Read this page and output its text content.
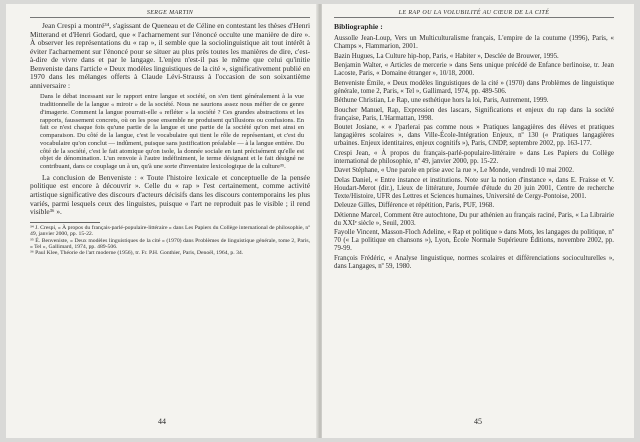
SERGE MARTIN

Jean Crespi a montré³⁴, s'agissant de Queneau et de Céline en contestant les thèses d'Henri Mitterand et d'Henri Godard, que « l'acharnement sur l'énoncé occulte une manière de dire ». À observer les représentations du « rap », il semble que la sociolinguistique ait tout intérêt à éviter l'acharnement sur l'énoncé pour se situer au plus près toutes les manières de dire, c'est-à-dire de vivre dans et par le langage. L'enjeu n'est-il pas le même que celui qu'initie Benveniste dans l'article « Deux modèles linguistiques de la cité », significativement publié en 1970 dans les mélanges offerts à Claude Lévi-Strauss à l'occasion de son soixantième anniversaire :

Dans le débat incessant sur le rapport entre langue et société, on s'en tient généralement à la vue traditionnelle de la langue « miroir » de la société. Nous ne saurions assez nous méfier de ce genre d'imagerie. Comment la langue pourrait-elle « refléter » la société ? Ces grandes abstractions et les rapports, faussement concrets, où on les pose ensemble ne produisent qu'illusions ou confusions. En fait ce n'est chaque fois qu'une partie de la langue et une partie de la société qu'on met ainsi en comparaison. Du côté de la langue, c'est le vocabulaire qui tient le rôle de représentant, et c'est du vocabulaire qu'on conclut — indûment, puisque sans justification préalable — à la langue entière. Du côté de la société, c'est le fait atomique qu'on isole, la donnée sociale en tant précisément qu'elle est objet de dénomination. L'un renvoie à l'autre indéfiniment, le terme désignant et le fait désigné ne contribuant, dans ce couplage un à un, qu'à une sorte d'inventaire lexicologique de la culture³⁵.

La conclusion de Benveniste : « Toute l'histoire lexicale et conceptuelle de la pensée politique est encore à découvrir ». Celle du « rap » l'est certainement, comme activité artistique significative des discours d'acteurs décisifs dans les discours contemporains les plus variés, parmi lesquels ceux des linguistes, puisque « l'art ne reproduit pas le visible ; il rend visible³⁶ ».

³⁴ J. Crespi, « À propos du français-parlé-populaire-littéraire » dans Les Papiers du Collège international de philosophie, nº 49, janvier 2000, pp. 15-22.

³⁵ É. Benveniste, « Deux modèles linguistiques de la cité » (1970) dans Problèmes de linguistique générale, tome 2, Paris, « Tel », Gallimard, 1974, pp. 489-506.

³⁶ Paul Klee, Théorie de l'art moderne (1956), tr. Fr. P.H. Gonthier, Paris, Denoël, 1964, p. 34.

44
LE RAP OU LA VOLUBILITÉ AU CŒUR DE LA CITÉ
Bibliographie :

Aussolle Jean-Loup, Vers un Multiculturalisme français, L'empire de la coutume (1996), Paris, « Champs », Flammarion, 2001.

Bazin Hugues, La Culture hip-hop, Paris, « Habiter », Desclée de Brouwer, 1995.

Benjamin Walter, « Articles de mercerie » dans Sens unique précédé de Enfance berlinoise, tr. Jean Lacoste, Paris, « Domaine étranger », 10/18, 2000.

Benveniste Émile, « Deux modèles linguistiques de la cité » (1970) dans Problèmes de linguistique générale, tome 2, Paris, « Tel », Gallimard, 1974, pp. 489-506.

Béthune Christian, Le Rap, une esthétique hors la loi, Paris, Autrement, 1999.

Boucher Manuel, Rap, Expression des lascars, Significations et enjeux du rap dans la société française, Paris, L'Harmattan, 1998.

Boutet Josiane, « « J'parlerai pas comme nous » Pratiques langagières des élèves et pratiques langagières scolaires », dans Ville-École-Intégration Enjeux, nº 130 (« Pratiques langagières urbaines. Enjeux identitaires, enjeux cognitifs »), Paris, CNDP, septembre 2002, pp. 163-177.

Crespi Jean, « À propos du français-parlé-populaire-littéraire » dans Les Papiers du Collège international de philosophie, nº 49, janvier 2000, pp. 15-22.

Davet Stéphane, « Une parole en prise avec la rue », Le Monde, vendredi 10 mai 2002.

Delas Daniel, « Entre instance et institutions. Note sur la notion d'instance », dans E. Fraisse et V. Houdart-Merot (dir.), Lieux de littérature, Journée d'étude du 20 juin 2001, Centre de recherche Texte/Histoire, UFR des Lettres et Sciences humaines, Université de Cergy-Pontoise, 2001.

Deleuze Gilles, Différence et répétition, Paris, PUF, 1968.

Détienne Marcel, Comment être autochtone, Du pur athénien au français raciné, Paris, « La Librairie du XXIᵉ siècle », Seuil, 2003.

Fayolle Vincent, Masson-Floch Adeline, « Rap et politique » dans Mots, les langages du politique, nº 70 (« La politique en chansons »), Lyon, École Normale Supérieure Éditions, novembre 2002, pp. 79-99.

François Frédéric, « Analyse linguistique, normes scolaires et différenciations socioculturelles », dans Langages, nº 59, 1980.

45
